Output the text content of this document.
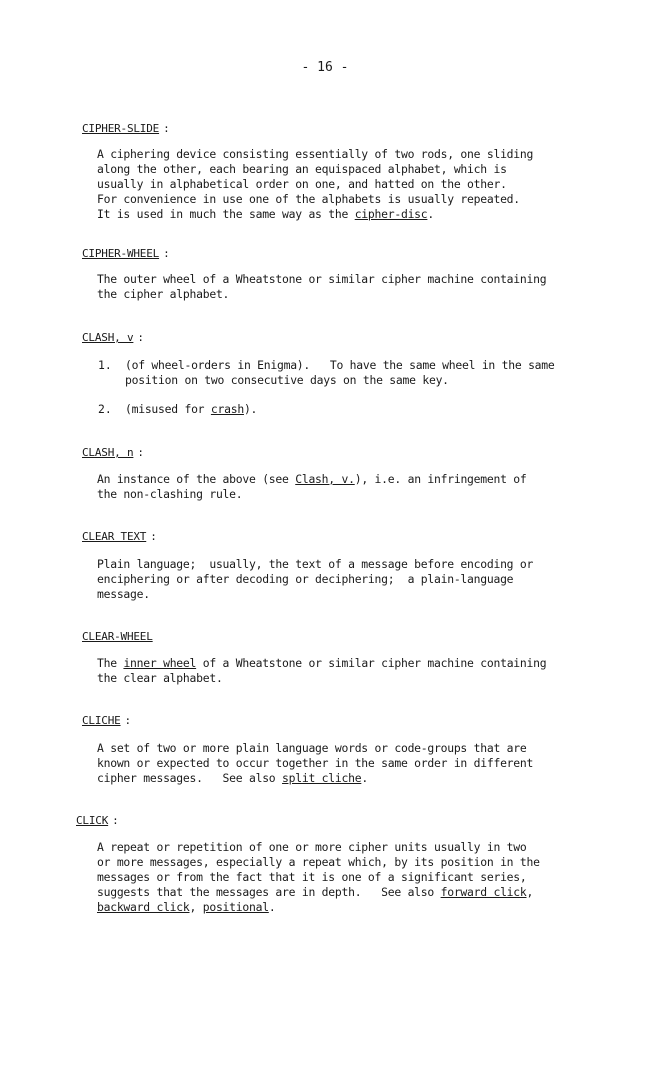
- 16 -
CIPHER-SLIDE :
A ciphering device consisting essentially of two rods, one sliding
along the other, each bearing an equispaced alphabet, which is
usually in alphabetical order on one, and hatted on the other.
For convenience in use one of the alphabets is usually repeated.
It is used in much the same way as the cipher-disc.
CIPHER-WHEEL :
The outer wheel of a Wheatstone or similar cipher machine containing
the cipher alphabet.
CLASH, v :
1. (of wheel-orders in Enigma).   To have the same wheel in the same
position on two consecutive days on the same key.
2. (misused for crash).
CLASH, n :
An instance of the above (see Clash, v.), i.e. an infringement of
the non-clashing rule.
CLEAR TEXT :
Plain language;  usually, the text of a message before encoding or
enciphering or after decoding or deciphering;  a plain-language
message.
CLEAR-WHEEL
The inner wheel of a Wheatstone or similar cipher machine containing
the clear alphabet.
CLICHE :
A set of two or more plain language words or code-groups that are
known or expected to occur together in the same order in different
cipher messages.   See also split cliche.
CLICK :
A repeat or repetition of one or more cipher units usually in two
or more messages, especially a repeat which, by its position in the
messages or from the fact that it is one of a significant series,
suggests that the messages are in depth.   See also forward click,
backward click, positional.
